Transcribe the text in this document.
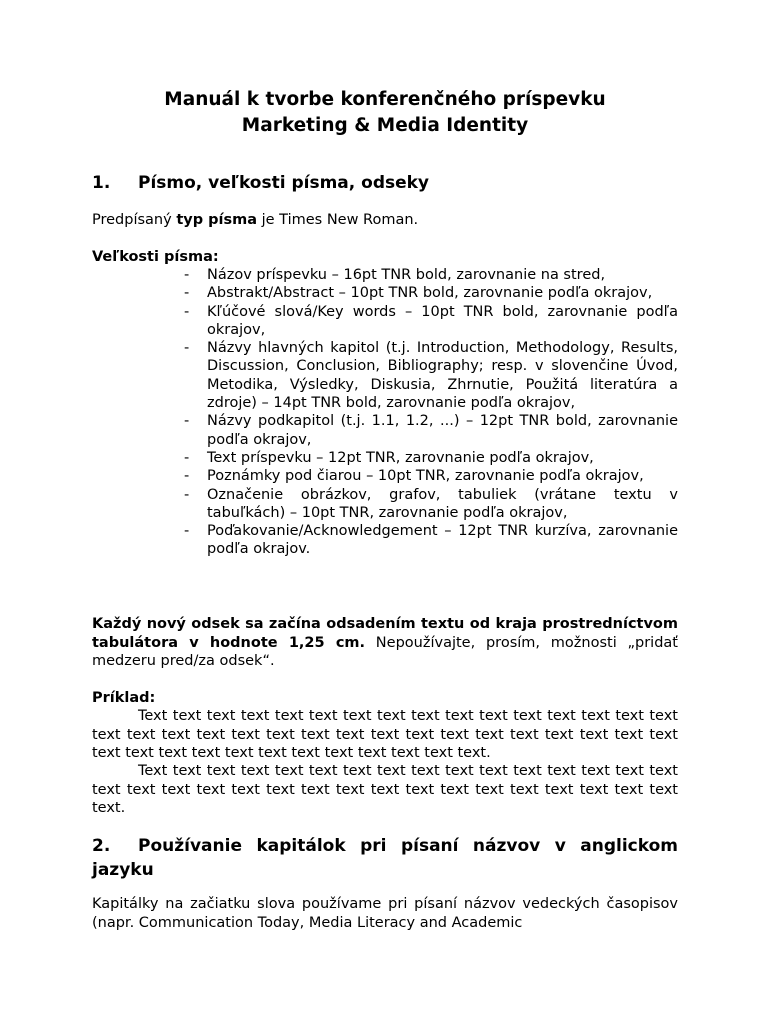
Manuál k tvorbe konferenčného príspevku
Marketing & Media Identity
1. Písmo, veľkosti písma, odseky
Predpísaný typ písma je Times New Roman.
Veľkosti písma:
- Názov príspevku – 16pt TNR bold, zarovnanie na stred,
- Abstrakt/Abstract – 10pt TNR bold, zarovnanie podľa okrajov,
- Kľúčové slová/Key words – 10pt TNR bold, zarovnanie podľa okrajov,
- Názvy hlavných kapitol (t.j. Introduction, Methodology, Results, Discussion, Conclusion, Bibliography; resp. v slovenčine Úvod, Metodika, Výsledky, Diskusia, Zhrnutie, Použitá literatúra a zdroje) – 14pt TNR bold, zarovnanie podľa okrajov,
- Názvy podkapitol (t.j. 1.1, 1.2, ...) – 12pt TNR bold, zarovnanie podľa okrajov,
- Text príspevku – 12pt TNR, zarovnanie podľa okrajov,
- Poznámky pod čiarou – 10pt TNR, zarovnanie podľa okrajov,
- Označenie obrázkov, grafov, tabuliek (vrátane textu v tabuľkách) – 10pt TNR, zarovnanie podľa okrajov,
- Poďakovanie/Acknowledgement – 12pt TNR kurzíva, zarovnanie podľa okrajov.
Každý nový odsek sa začína odsadením textu od kraja prostredníctvom tabulátora v hodnote 1,25 cm. Nepoužívajte, prosím, možnosti „pridať medzeru pred/za odsek“.
Príklad:
Text text text text text text text text text text text text text text text text text text text text text text text text text text text text text text text text text text text text text text text text text text text text text.
Text text text text text text text text text text text text text text text text text text text text text text text text text text text text text text text text text text.
2. Používanie kapitálok pri písaní názvov v anglickom jazyku
Kapitálky na začiatku slova používame pri písaní názvov vedeckých časopisov (napr. Communication Today, Media Literacy and Academic
